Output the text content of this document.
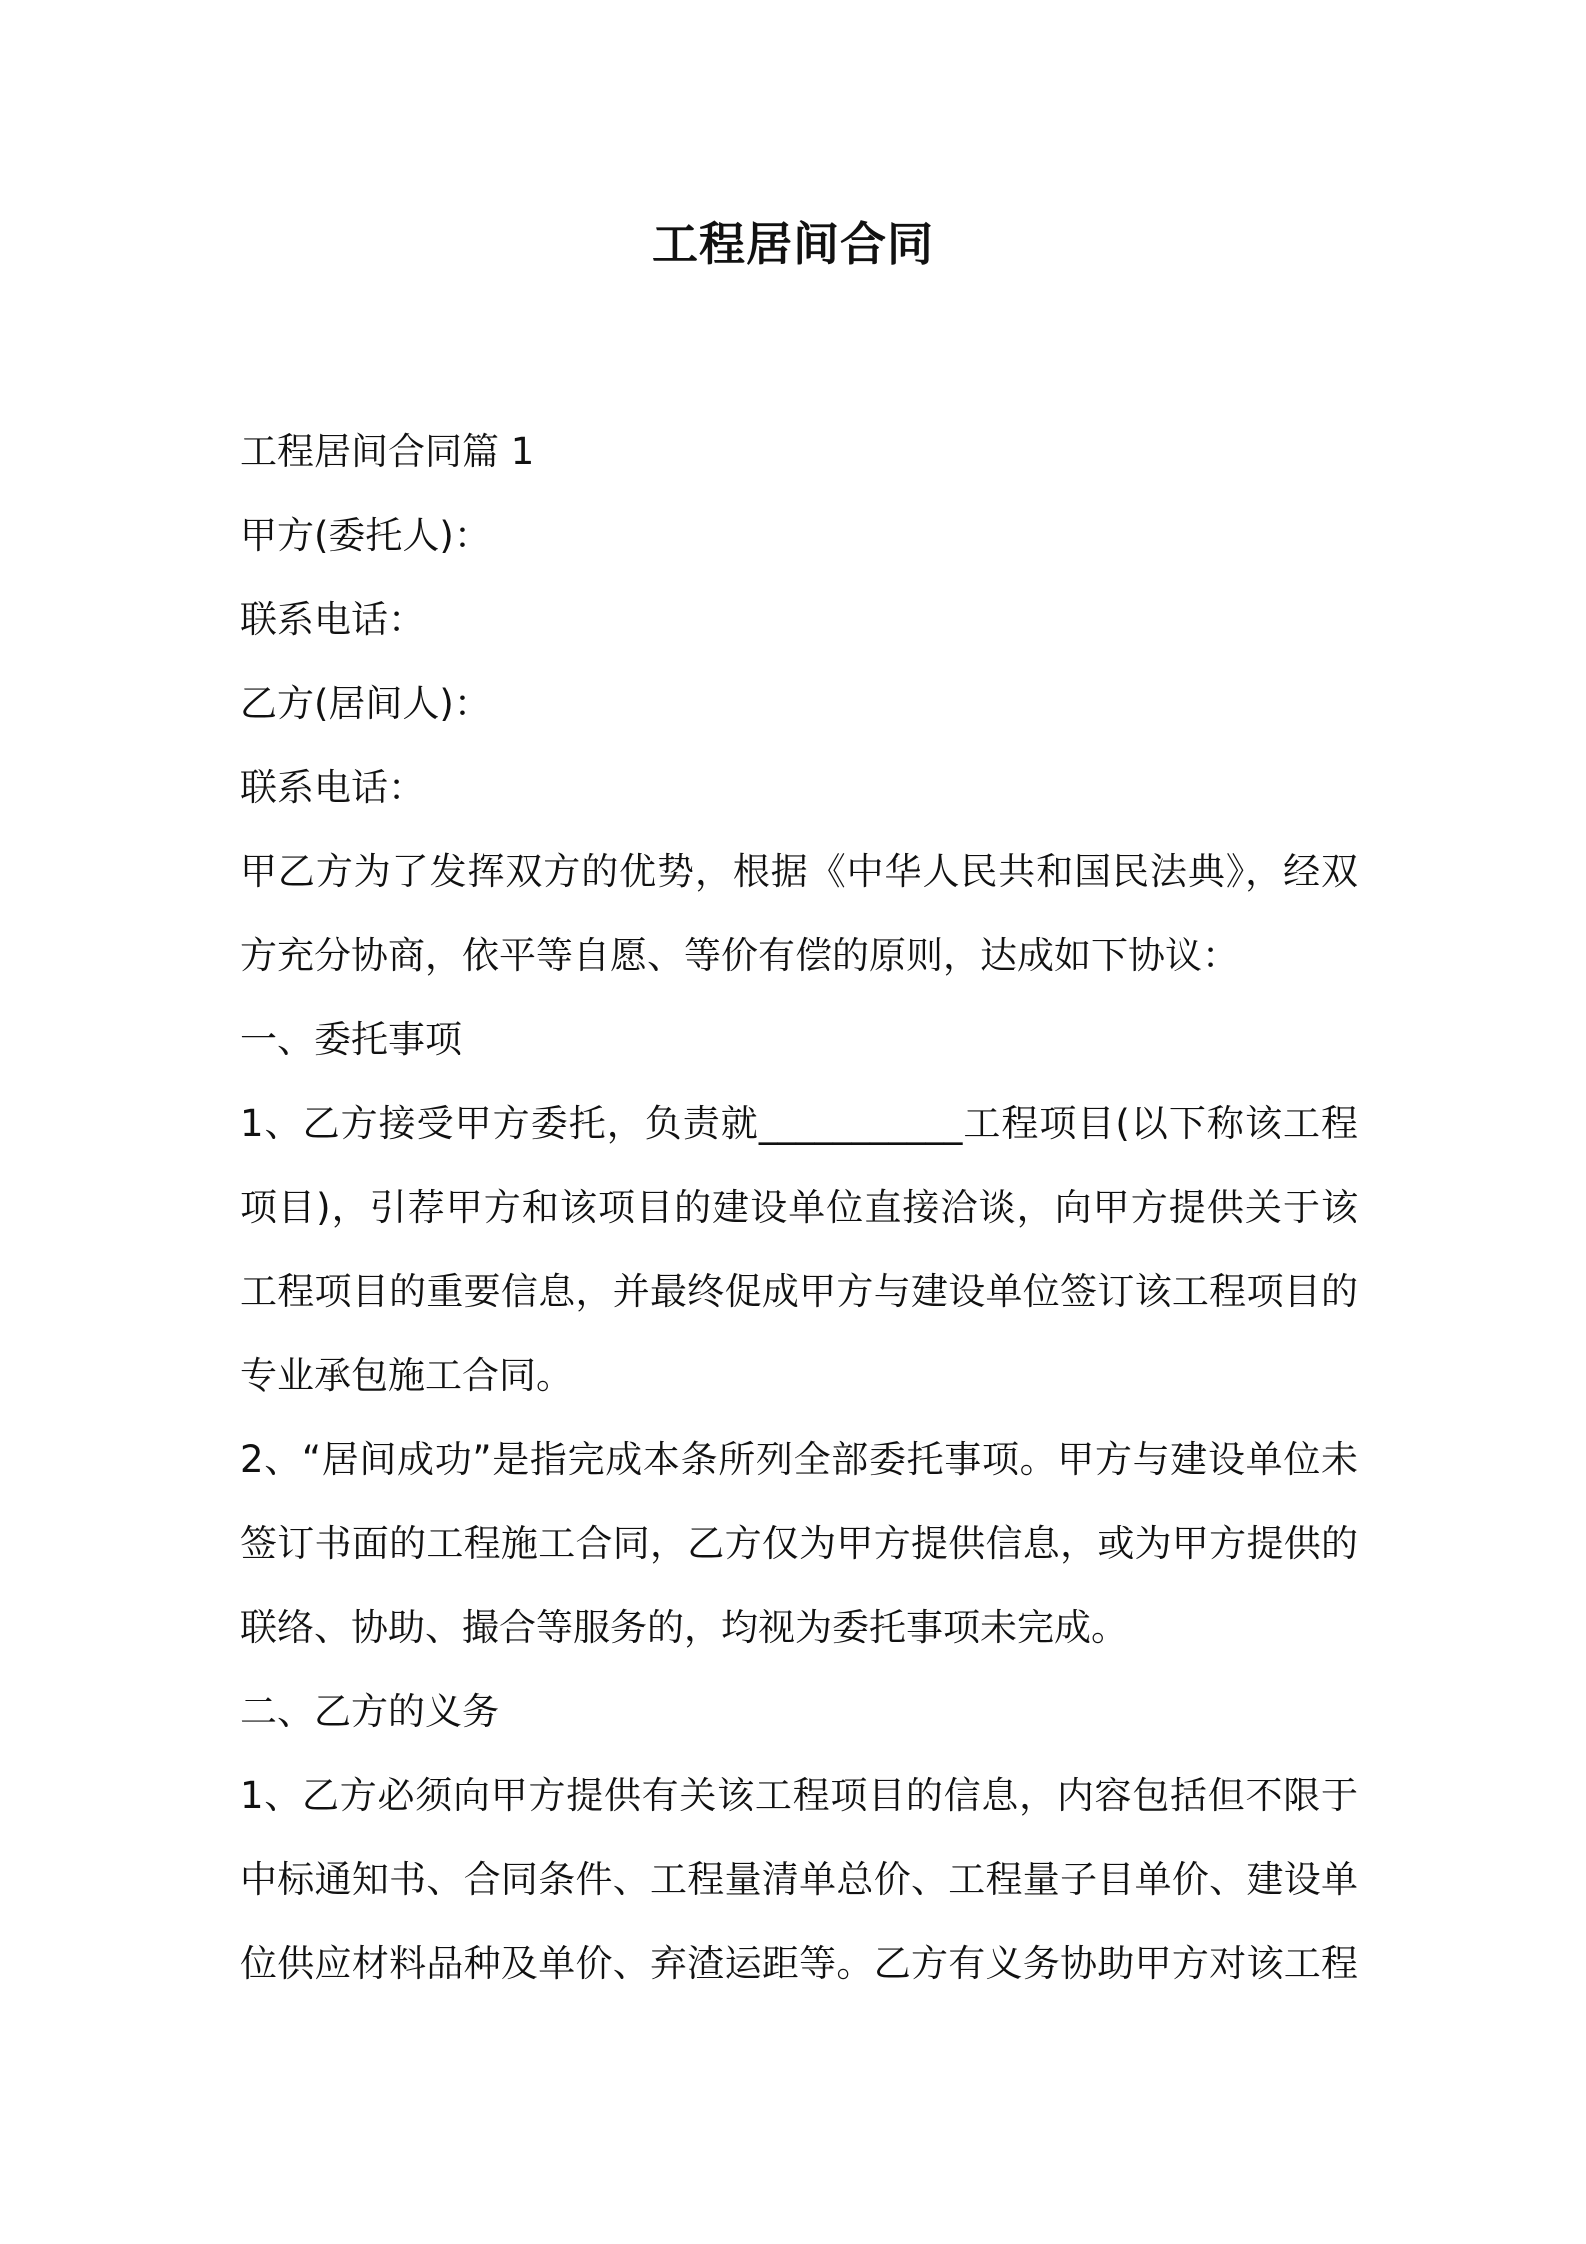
工程居间合同
工程居间合同篇 1
甲方(委托人)：
联系电话：
乙方(居间人)：
联系电话：
甲乙方为了发挥双方的优势，根据《中华人民共和国民法典》，经双
方充分协商，依平等自愿、等价有偿的原则，达成如下协议：
一、委托事项
1、乙方接受甲方委托，负责就___________工程项目(以下称该工程
项目)，引荐甲方和该项目的建设单位直接洽谈，向甲方提供关于该
工程项目的重要信息，并最终促成甲方与建设单位签订该工程项目的
专业承包施工合同。
2、“居间成功”是指完成本条所列全部委托事项。甲方与建设单位未
签订书面的工程施工合同，乙方仅为甲方提供信息，或为甲方提供的
联络、协助、撮合等服务的，均视为委托事项未完成。
二、乙方的义务
1、乙方必须向甲方提供有关该工程项目的信息，内容包括但不限于
中标通知书、合同条件、工程量清单总价、工程量子目单价、建设单
位供应材料品种及单价、弃渣运距等。乙方有义务协助甲方对该工程
